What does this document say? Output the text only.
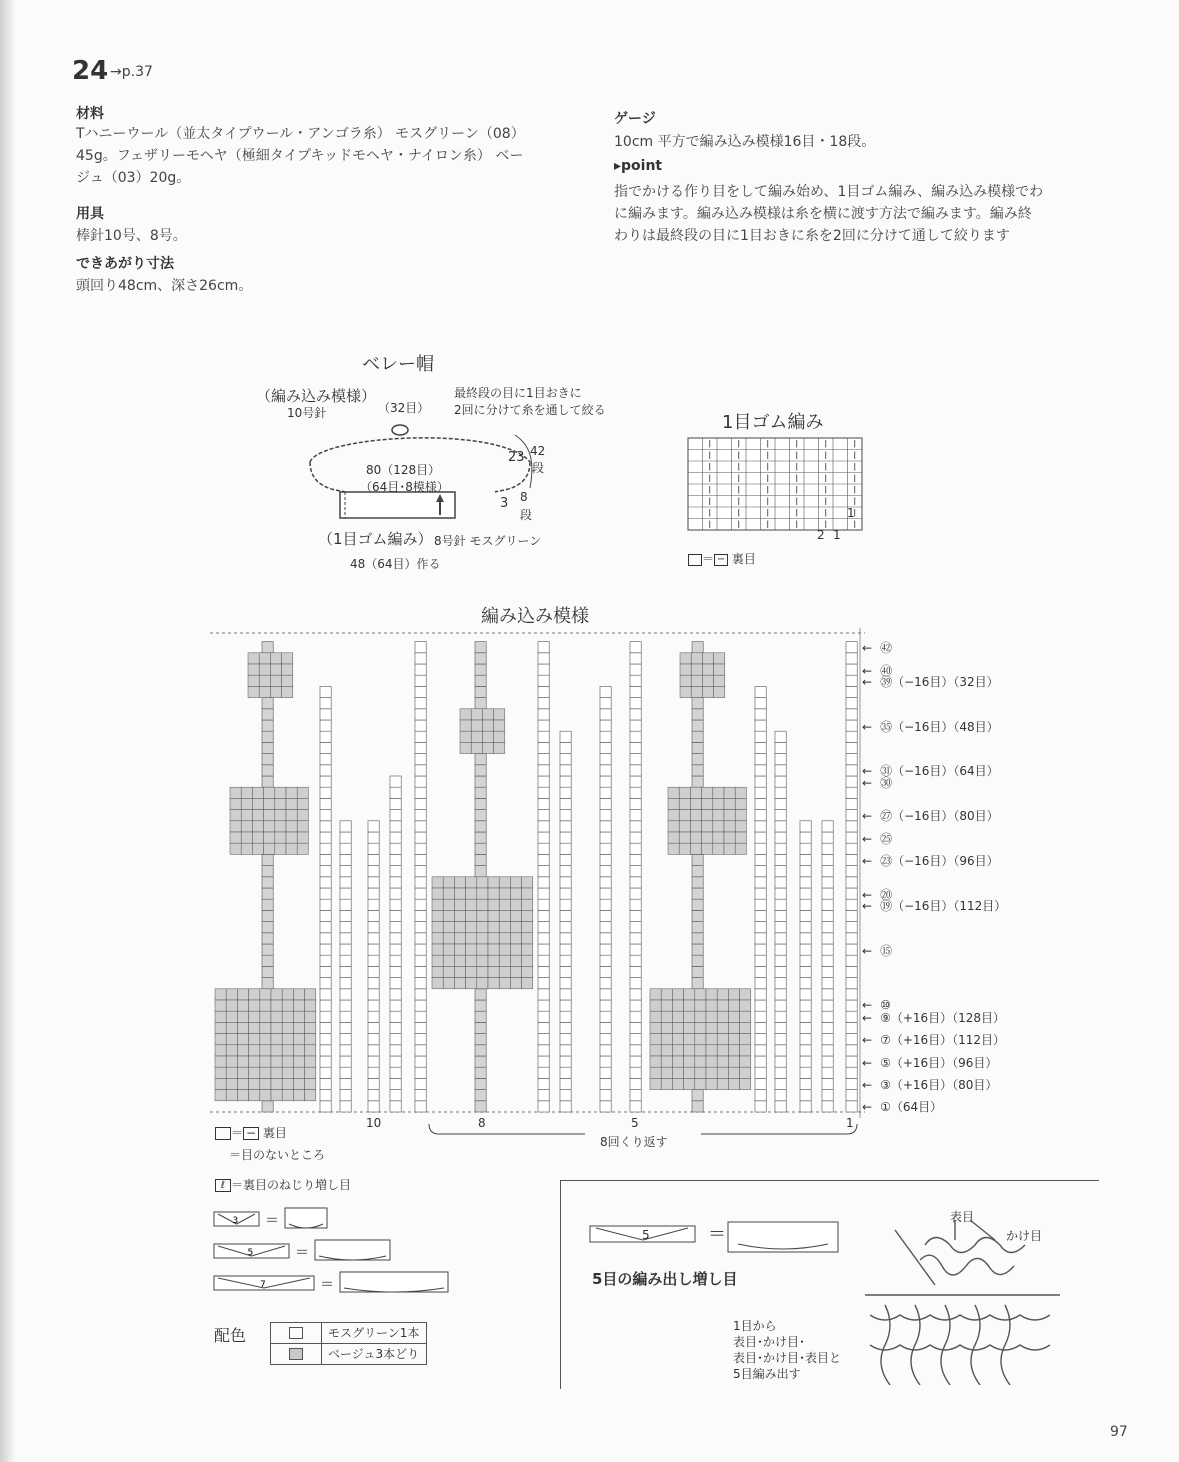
24 →p.37
材料
Tハニーウール（並太タイプウール・アンゴラ糸） モスグリーン（08）
45g。フェザリーモヘヤ（極細タイプキッドモヘヤ・ナイロン糸） ベー
ジュ（03）20g。
用具
棒針10号、8号。
できあがり寸法
頭回り48cm、深さ26cm。
ゲージ
10cm 平方で編み込み模様16目・18段。
▸point
指でかける作り目をして編み始め、1目ゴム編み、編み込み模様でわ
に編みます。編み込み模様は糸を横に渡す方法で編みます。編み終
わりは最終段の目に1目おきに糸を2回に分けて通して絞ります
ベレー帽
（編み込み模様）
10号針	（32目）
最終段の目に1目おきに
2回に分けて糸を通して絞る
80（128目）
（64目･8模様）
23 42
段
3 8
段
（1目ゴム編み） 8号針 モスグリーン
48（64目）作る
1目ゴム編み
2 1
1
＝ − 裏目
編み込み模様
← ㊷
← ㊵
← ㊴（−16目）（32目）
← ㉟（−16目）（48目）
← ㉛（−16目）（64目）
← ㉚
← ㉗（−16目）（80目）
← ㉕
← ㉓（−16目）（96目）
← ⑳
← ⑲（−16目）（112目）
← ⑮
← ⑩
← ⑨（+16目）（128目）
← ⑦（+16目）（112目）
← ⑤（+16目）（96目）
← ③（+16目）（80目）
← ①（64目）
10	8	5	1
8回くり返す
＝ − 裏目
＝目のないところ
ℓ ＝裏目のねじり増し目
3 ＝
5	＝
7	＝
配色	モスグリーン1本
ベージュ3本どり
＝
5
5目の編み出し増し目
表目
かけ目
1目から
表目･かけ目･
表目･かけ目･表目と
5目編み出す
97
